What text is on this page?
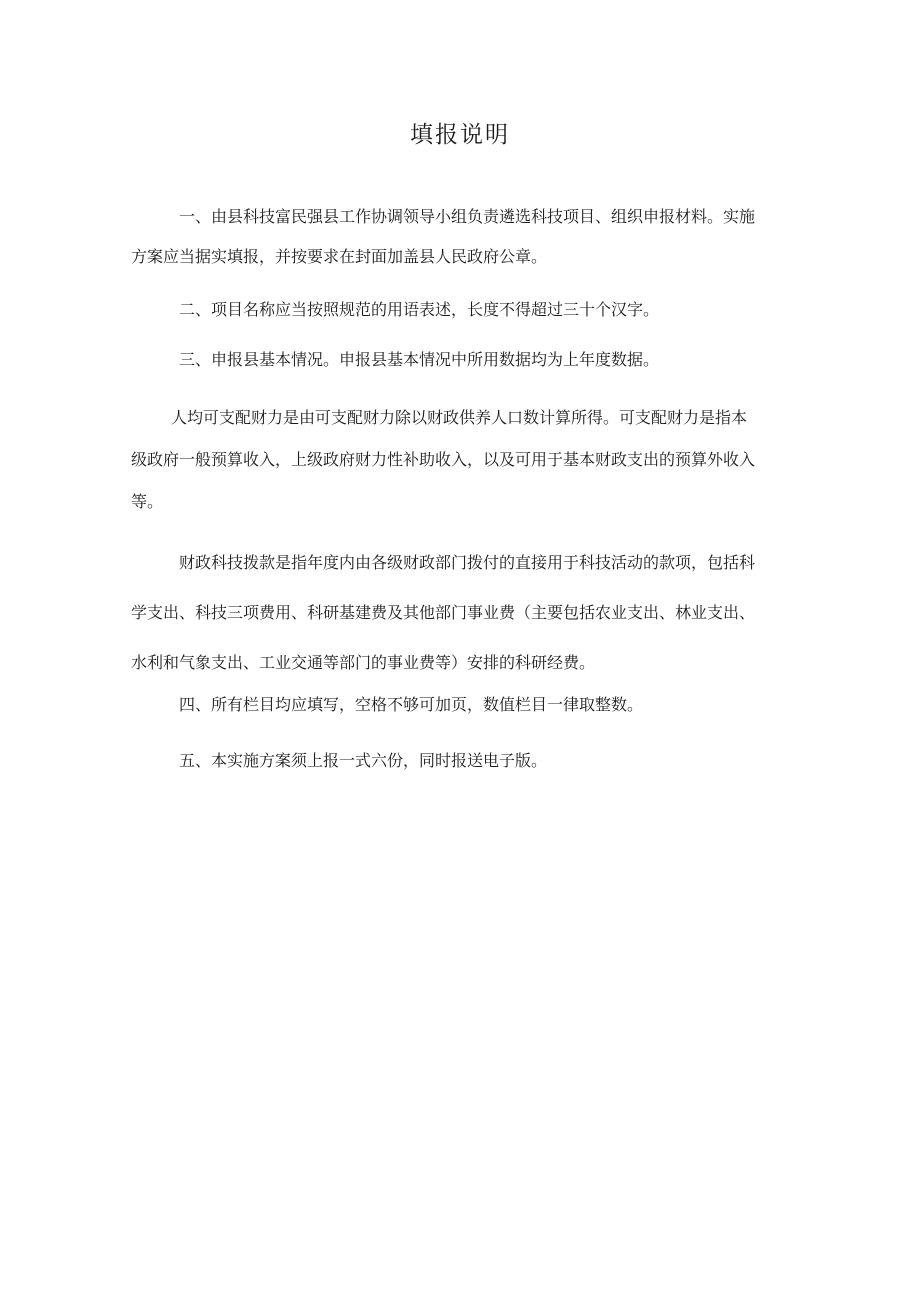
填报说明
一、由县科技富民强县工作协调领导小组负责遴选科技项目、组织申报材料。实施
方案应当据实填报，并按要求在封面加盖县人民政府公章。
二、项目名称应当按照规范的用语表述，长度不得超过三十个汉字。
三、申报县基本情况。申报县基本情况中所用数据均为上年度数据。
人均可支配财力是由可支配财力除以财政供养人口数计算所得。可支配财力是指本
级政府一般预算收入，上级政府财力性补助收入，以及可用于基本财政支出的预算外收入
等。
财政科技拨款是指年度内由各级财政部门拨付的直接用于科技活动的款项，包括科
学支出、科技三项费用、科研基建费及其他部门事业费（主要包括农业支出、林业支出、
水利和气象支出、工业交通等部门的事业费等）安排的科研经费。
四、所有栏目均应填写，空格不够可加页，数值栏目一律取整数。
五、本实施方案须上报一式六份，同时报送电子版。
